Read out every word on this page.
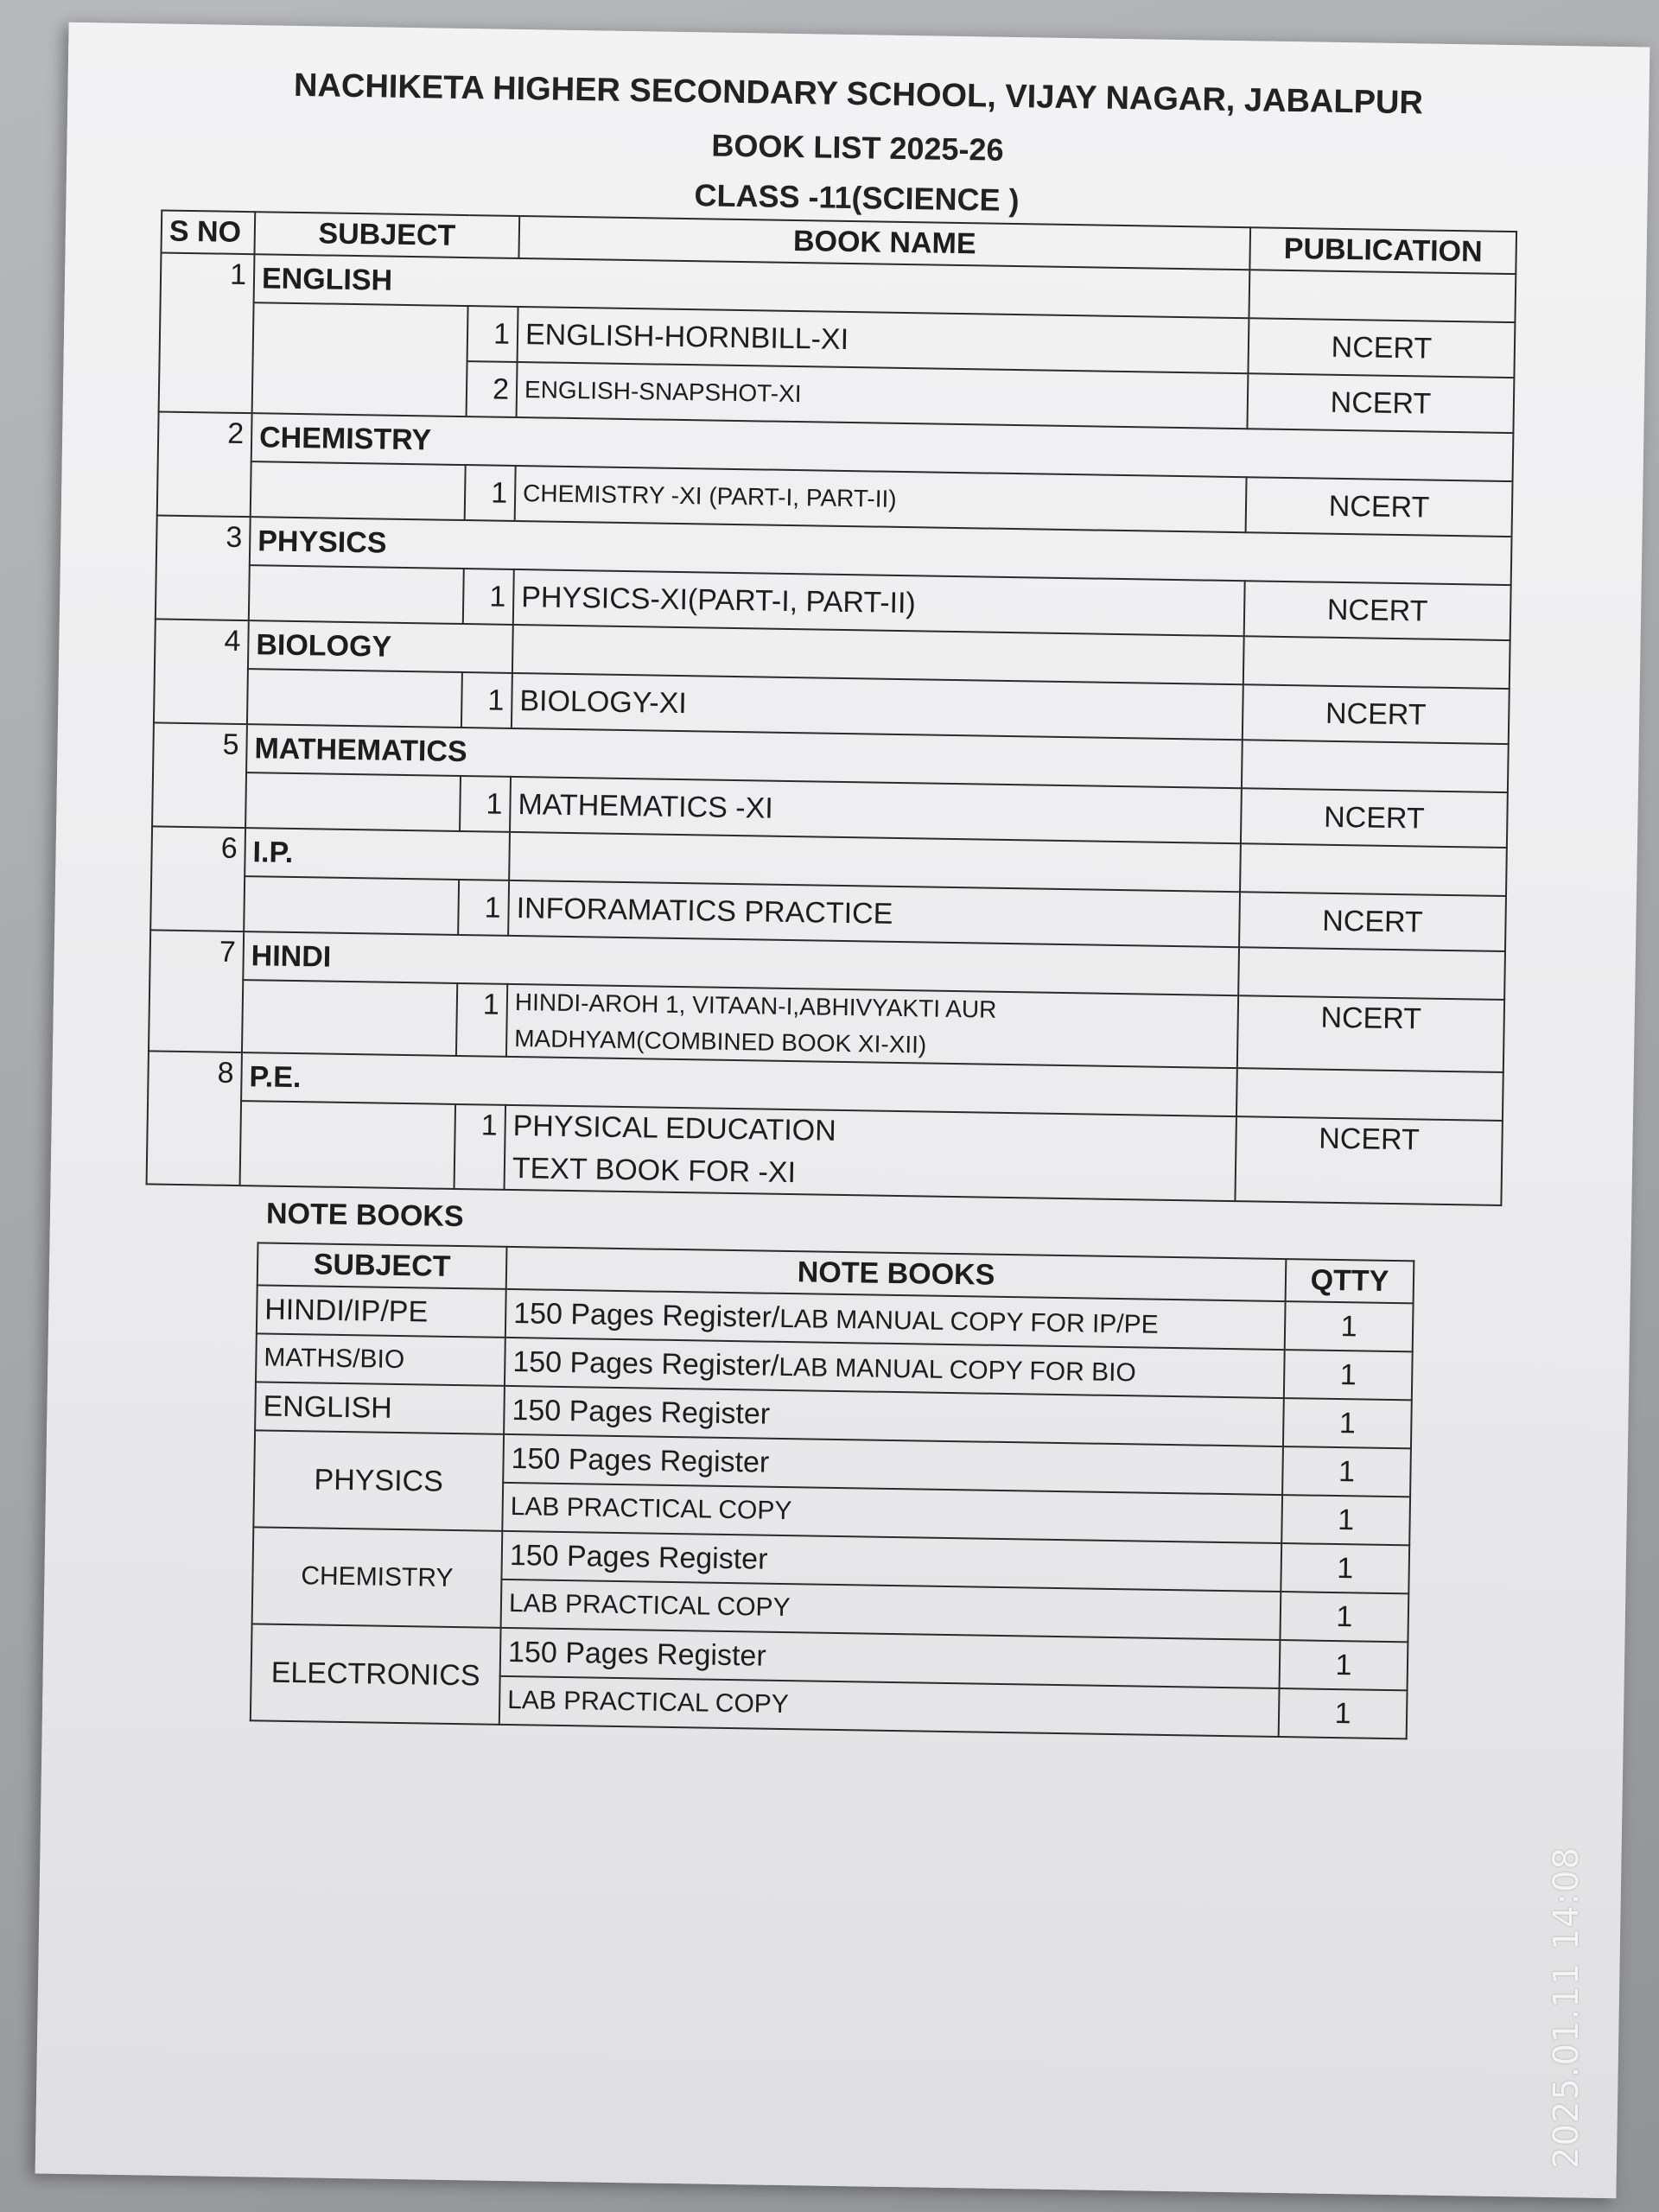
NACHIKETA HIGHER SECONDARY SCHOOL, VIJAY NAGAR, JABALPUR
BOOK LIST 2025-26
CLASS -11(SCIENCE )
S NO	SUBJECT		BOOK NAME	PUBLICATION
1	ENGLISH			
		1	ENGLISH-HORNBILL-XI	NCERT
		2	ENGLISH-SNAPSHOT-XI	NCERT
2	CHEMISTRY			
		1	CHEMISTRY -XI (PART-I, PART-II)	NCERT
3	PHYSICS			
		1	PHYSICS-XI(PART-I, PART-II)	NCERT
4	BIOLOGY			
		1	BIOLOGY-XI	NCERT
5	MATHEMATICS			
		1	MATHEMATICS -XI	NCERT
6	I.P.			
		1	INFORAMATICS PRACTICE	NCERT
7	HINDI			
		1	HINDI-AROH 1, VITAAN-I,ABHIVYAKTI AUR
MADHYAM(COMBINED BOOK XI-XII)	NCERT
8	P.E.			
		1	PHYSICAL EDUCATION
TEXT BOOK FOR -XI	NCERT
NOTE BOOKS
SUBJECT	NOTE BOOKS	QTTY
HINDI/IP/PE	150 Pages Register/LAB MANUAL COPY FOR IP/PE	1
MATHS/BIO	150 Pages Register/LAB MANUAL COPY FOR BIO	1
ENGLISH	150 Pages Register	1
PHYSICS	150 Pages Register	1
	LAB PRACTICAL COPY	1
CHEMISTRY	150 Pages Register	1
	LAB PRACTICAL COPY	1
ELECTRONICS	150 Pages Register	1
	LAB PRACTICAL COPY	1
2025.01.11 14:08
